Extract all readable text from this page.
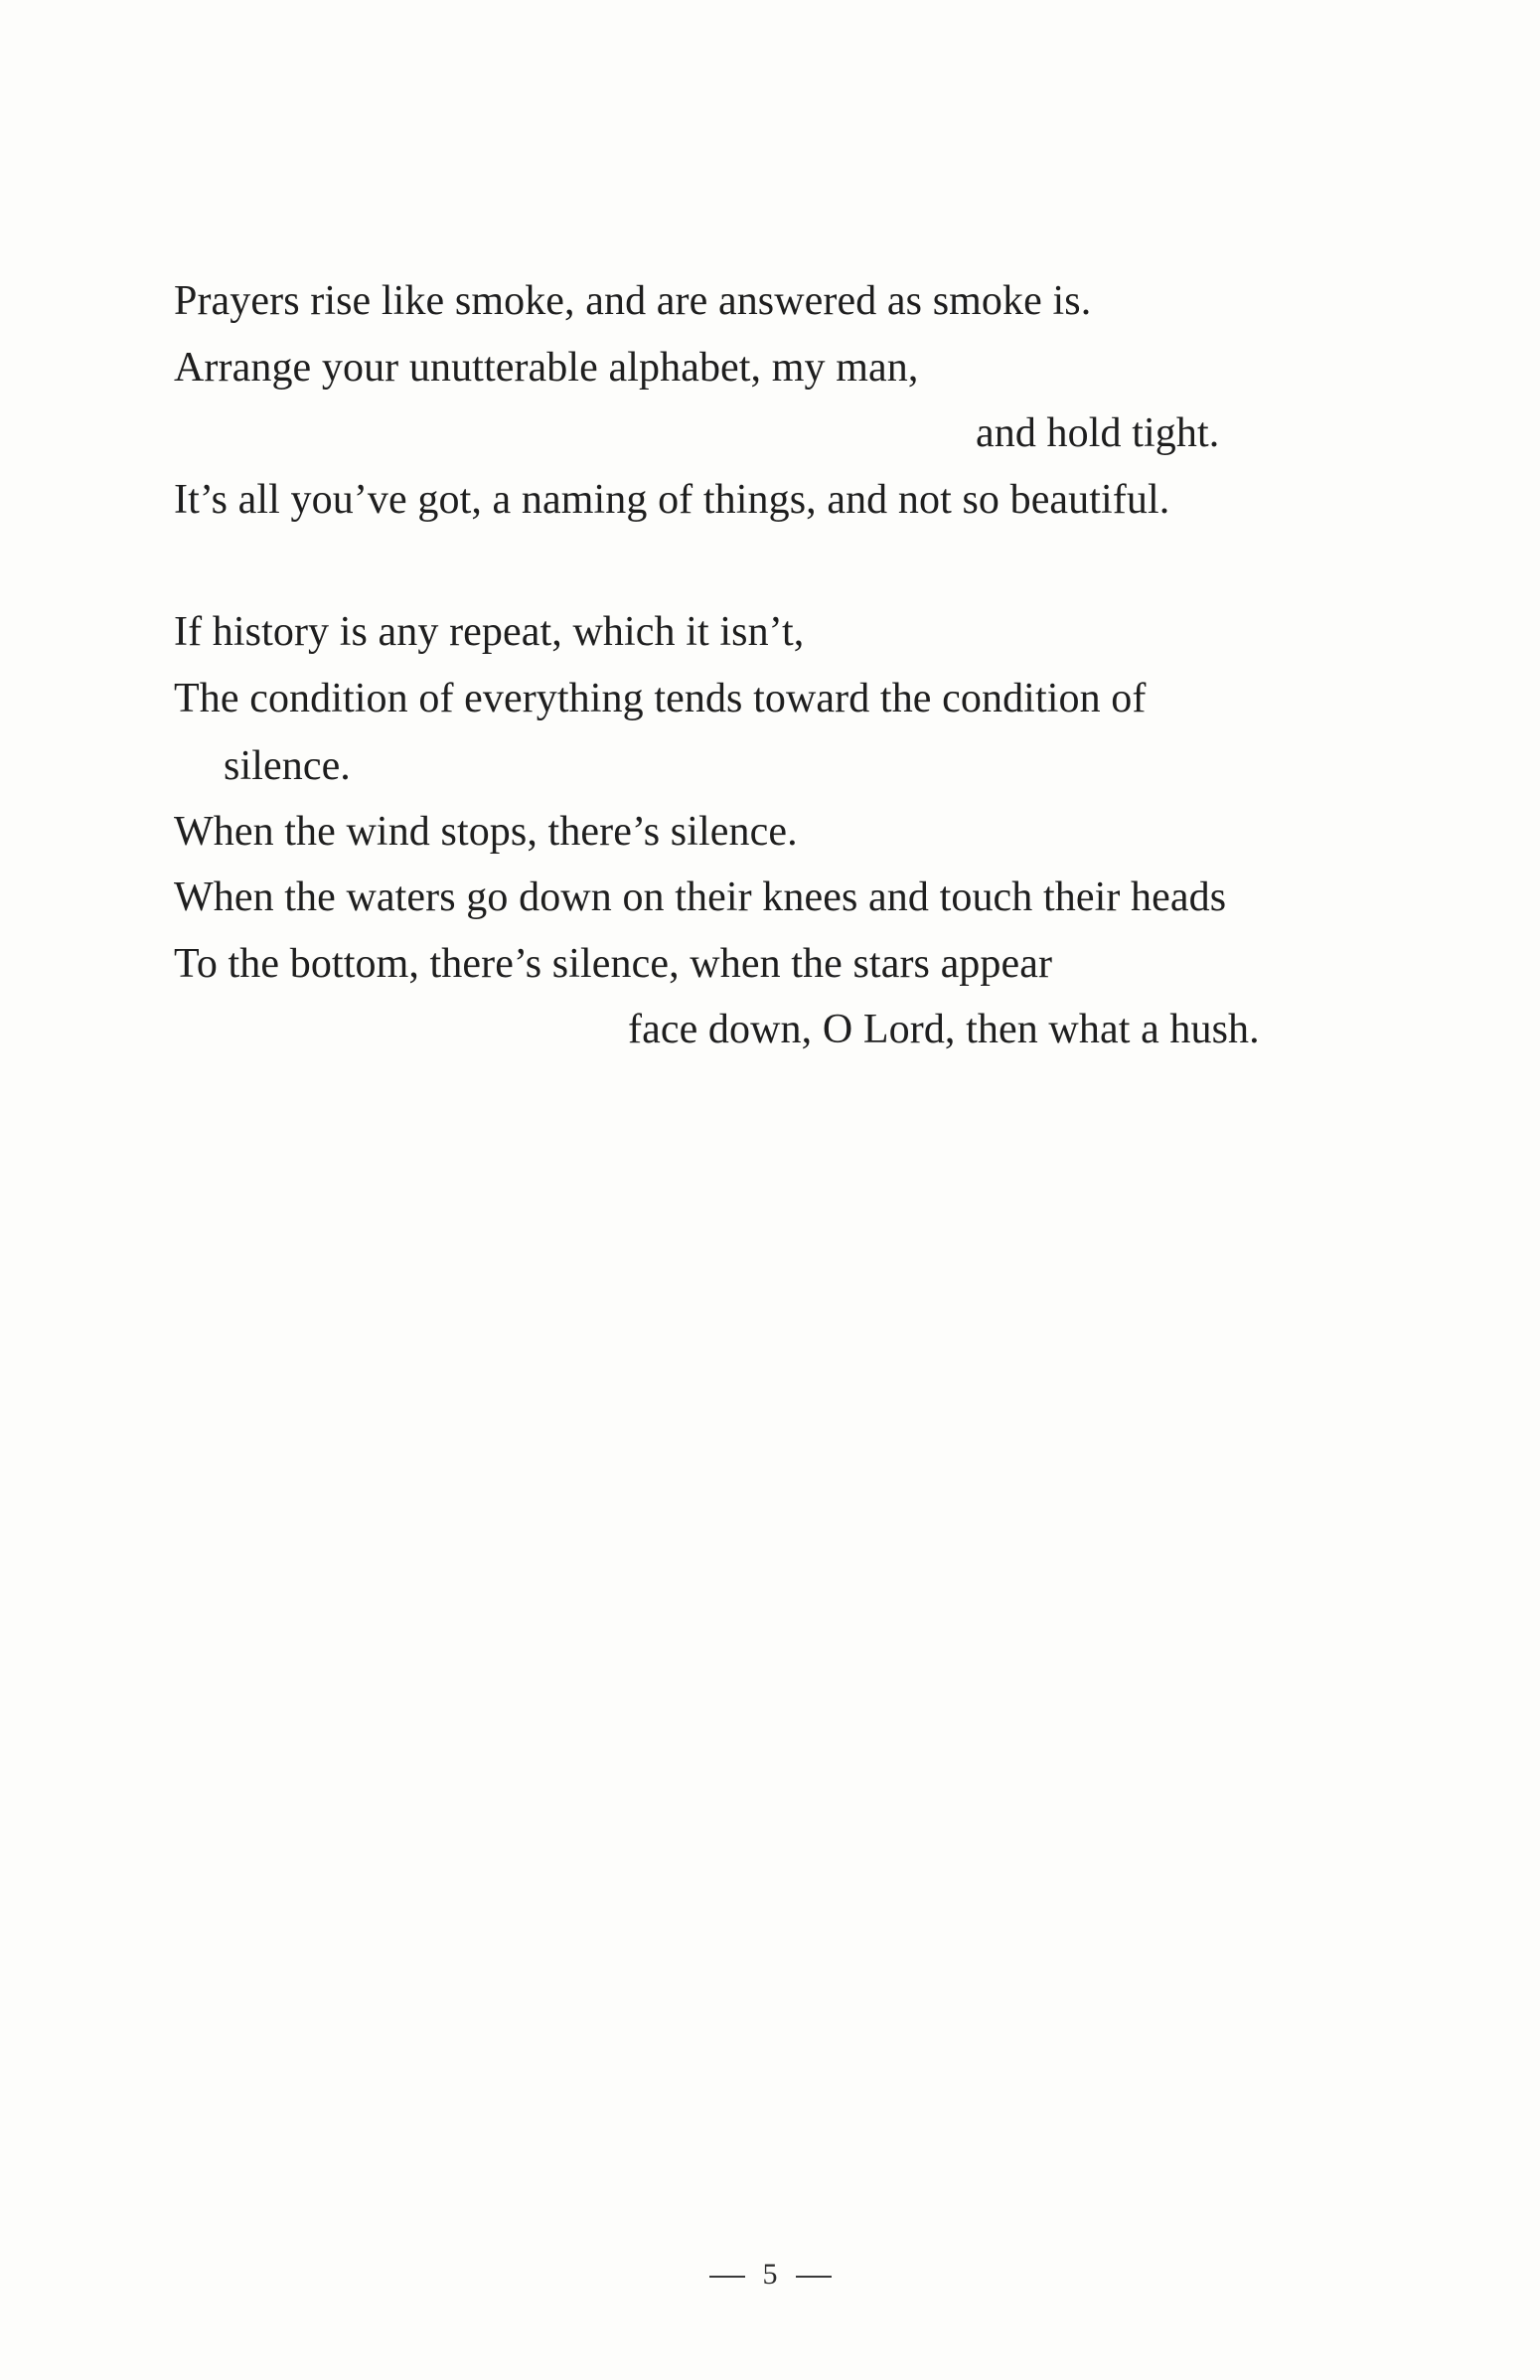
Prayers rise like smoke, and are answered as smoke is.
Arrange your unutterable alphabet, my man,
and hold tight.
It’s all you’ve got, a naming of things, and not so beautiful.
If history is any repeat, which it isn’t,
The condition of everything tends toward the condition of
silence.
When the wind stops, there’s silence.
When the waters go down on their knees and touch their heads
To the bottom, there’s silence, when the stars appear
face down, O Lord, then what a hush.
5
